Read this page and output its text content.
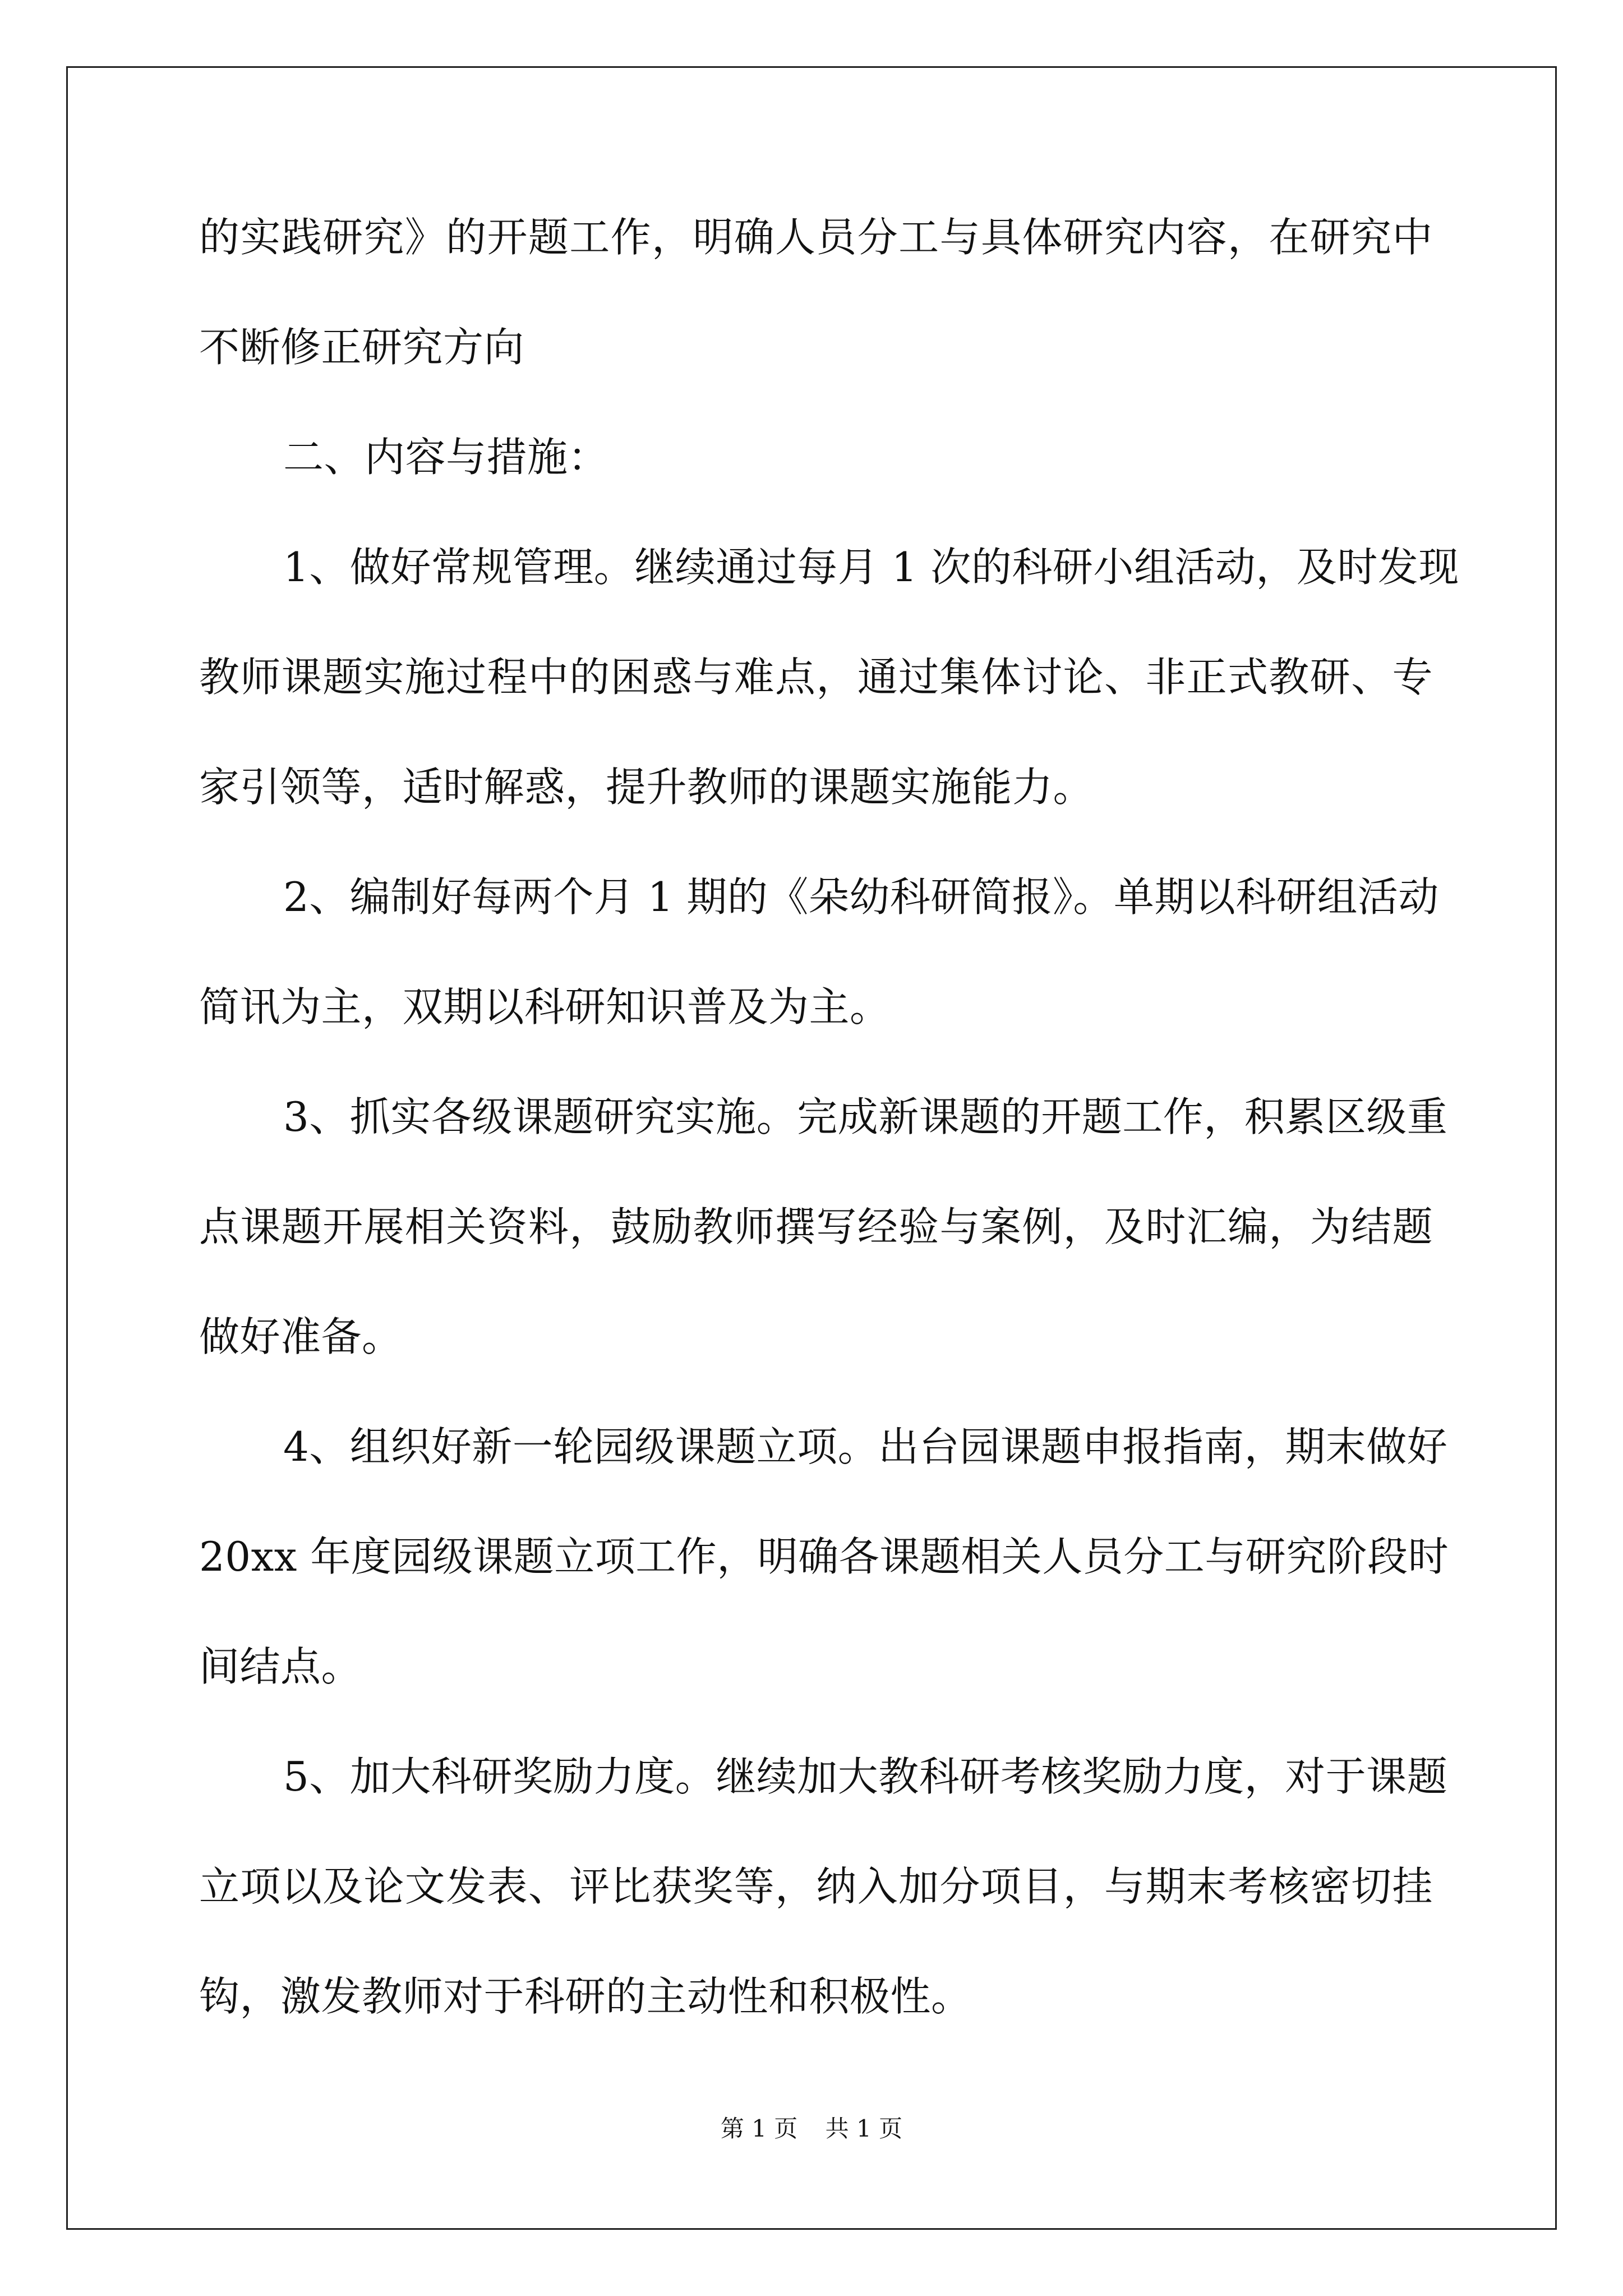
的实践研究》的开题工作，明确人员分工与具体研究内容，在研究中
不断修正研究方向
二、内容与措施：
1、做好常规管理。继续通过每月 1 次的科研小组活动，及时发现
教师课题实施过程中的困惑与难点，通过集体讨论、非正式教研、专
家引领等，适时解惑，提升教师的课题实施能力。
2、编制好每两个月 1 期的《朵幼科研简报》。单期以科研组活动
简讯为主，双期以科研知识普及为主。
3、抓实各级课题研究实施。完成新课题的开题工作，积累区级重
点课题开展相关资料，鼓励教师撰写经验与案例，及时汇编，为结题
做好准备。
4、组织好新一轮园级课题立项。出台园课题申报指南，期末做好
20xx 年度园级课题立项工作，明确各课题相关人员分工与研究阶段时
间结点。
5、加大科研奖励力度。继续加大教科研考核奖励力度，对于课题
立项以及论文发表、评比获奖等，纳入加分项目，与期末考核密切挂
钩，激发教师对于科研的主动性和积极性。
第 1 页 共 1 页
